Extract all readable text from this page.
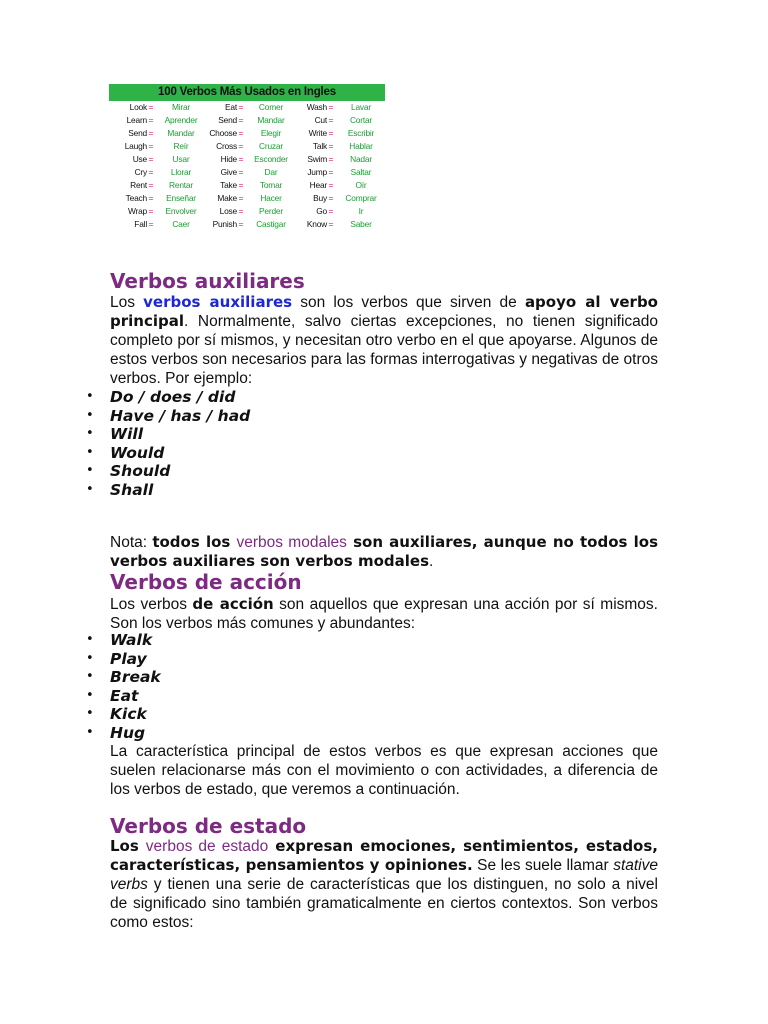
100 Verbos Más Usados en Ingles
Look =	Mirar	Eat =	Comer	Wash =	Lavar
Learn =	Aprender	Send =	Mandar	Cut =	Cortar
Send =	Mandar	Choose =	Elegir	Write =	Escribir
Laugh =	Reír	Cross =	Cruzar	Talk =	Hablar
Use =	Usar	Hide =	Esconder	Swim =	Nadar
Cry =	Llorar	Give =	Dar	Jump =	Saltar
Rent =	Rentar	Take =	Tomar	Hear =	Oír
Teach =	Enseñar	Make =	Hacer	Buy =	Comprar
Wrap =	Envolver	Lose =	Perder	Go =	Ir
Fall =	Caer	Punish =	Castigar	Know =	Saber
Verbos auxiliares

Los verbos auxiliares son los verbos que sirven de apoyo al verbo principal. Normalmente, salvo ciertas excepciones, no tienen significado completo por sí mismos, y necesitan otro verbo en el que apoyarse. Algunos de estos verbos son necesarios para las formas interrogativas y negativas de otros verbos. Por ejemplo:

• Do / does / did
• Have / has / had
• Will
• Would
• Should
• Shall

Nota: todos los verbos modales son auxiliares, aunque no todos los verbos auxiliares son verbos modales.

Verbos de acción

Los verbos de acción son aquellos que expresan una acción por sí mismos. Son los verbos más comunes y abundantes:

• Walk
• Play
• Break
• Eat
• Kick
• Hug

La característica principal de estos verbos es que expresan acciones que suelen relacionarse más con el movimiento o con actividades, a diferencia de los verbos de estado, que veremos a continuación.

Verbos de estado

Los verbos de estado expresan emociones, sentimientos, estados, características, pensamientos y opiniones. Se les suele llamar stative verbs y tienen una serie de características que los distinguen, no solo a nivel de significado sino también gramaticalmente en ciertos contextos. Son verbos como estos:
